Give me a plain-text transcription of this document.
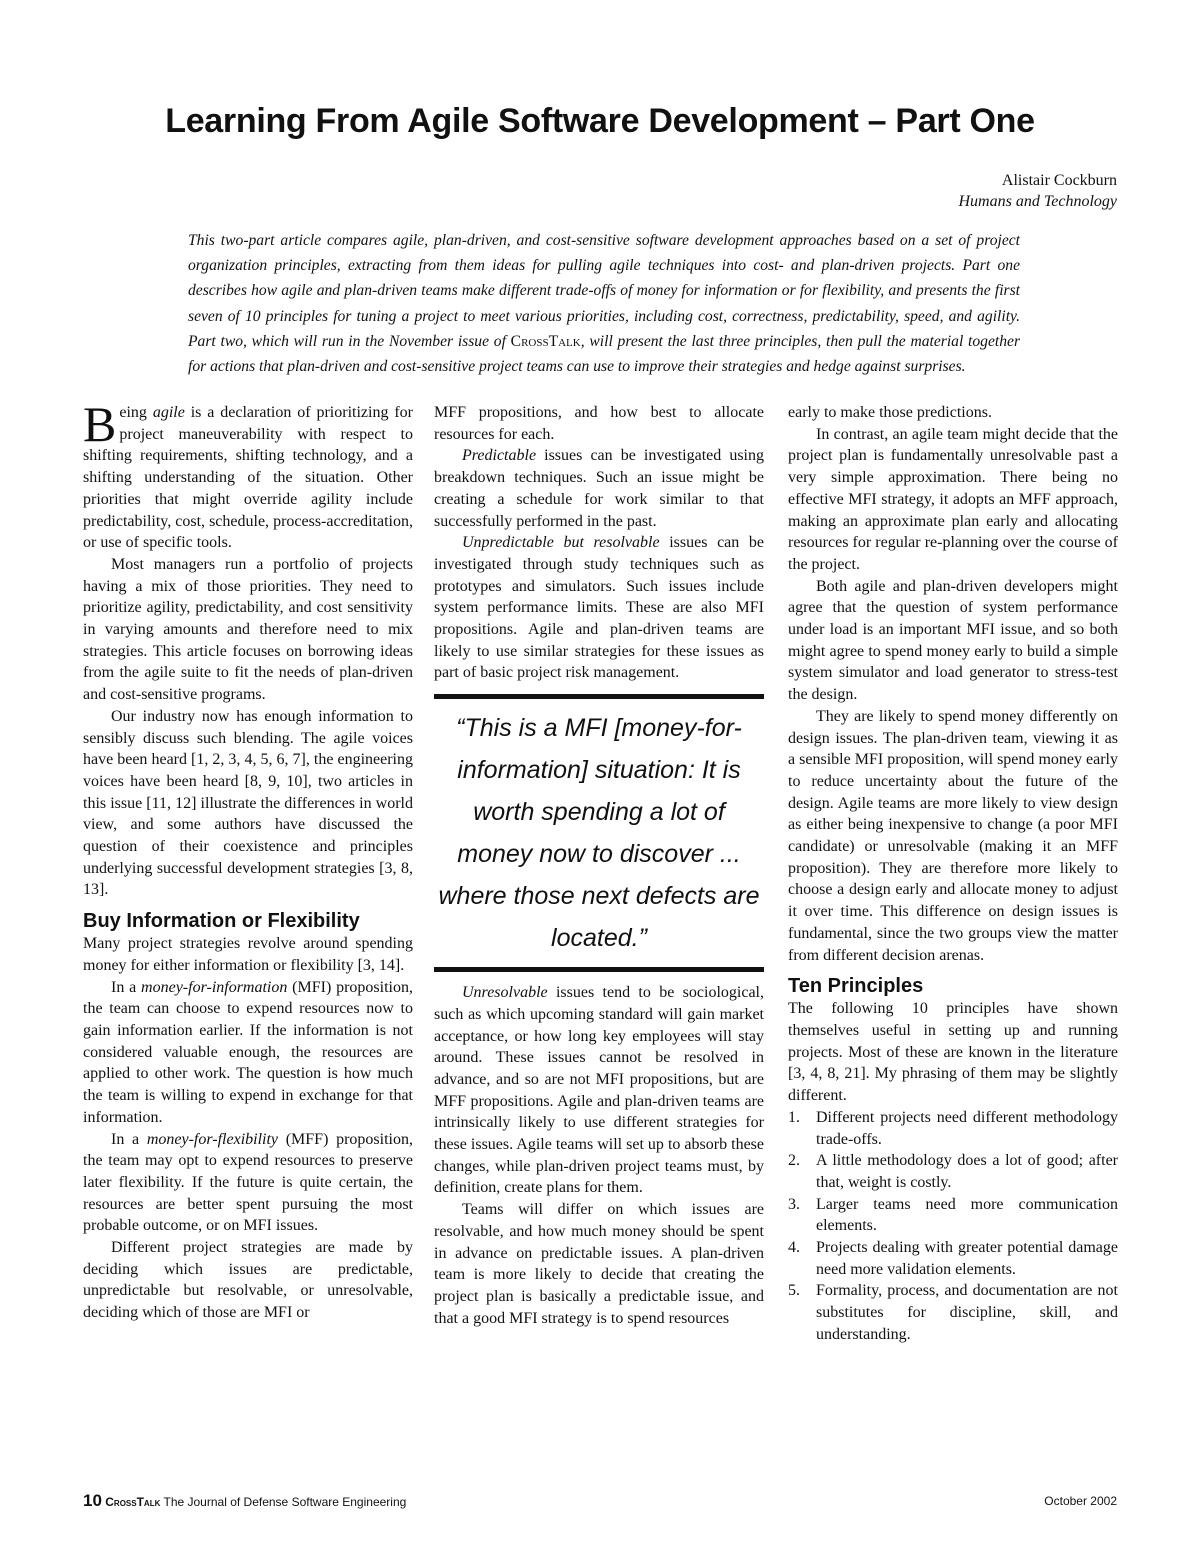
Learning From Agile Software Development – Part One
Alistair Cockburn
Humans and Technology

This two-part article compares agile, plan-driven, and cost-sensitive software development approaches based on a set of project organization principles, extracting from them ideas for pulling agile techniques into cost- and plan-driven projects. Part one describes how agile and plan-driven teams make different trade-offs of money for information or for flexibility, and presents the first seven of 10 principles for tuning a project to meet various priorities, including cost, correctness, predictability, speed, and agility. Part two, which will run in the November issue of CrossTalk, will present the last three principles, then pull the material together for actions that plan-driven and cost-sensitive project teams can use to improve their strategies and hedge against surprises.

Being agile is a declaration of prioritizing for project maneuverability with respect to shifting requirements, shifting technology, and a shifting understanding of the situation. Other priorities that might override agility include predictability, cost, schedule, process-accreditation, or use of specific tools.

Most managers run a portfolio of projects having a mix of those priorities. They need to prioritize agility, predictability, and cost sensitivity in varying amounts and therefore need to mix strategies. This article focuses on borrowing ideas from the agile suite to fit the needs of plan-driven and cost-sensitive programs.

Our industry now has enough information to sensibly discuss such blending. The agile voices have been heard [1, 2, 3, 4, 5, 6, 7], the engineering voices have been heard [8, 9, 10], two articles in this issue [11, 12] illustrate the differences in world view, and some authors have discussed the question of their coexistence and principles underlying successful development strategies [3, 8, 13].

Buy Information or Flexibility

Many project strategies revolve around spending money for either information or flexibility [3, 14].

In a money-for-information (MFI) proposition, the team can choose to expend resources now to gain information earlier. If the information is not considered valuable enough, the resources are applied to other work. The question is how much the team is willing to expend in exchange for that information.

In a money-for-flexibility (MFF) proposition, the team may opt to expend resources to preserve later flexibility. If the future is quite certain, the resources are better spent pursuing the most probable outcome, or on MFI issues.

Different project strategies are made by deciding which issues are predictable, unpredictable but resolvable, or unresolvable, deciding which of those are MFI or

MFF propositions, and how best to allocate resources for each.

Predictable issues can be investigated using breakdown techniques. Such an issue might be creating a schedule for work similar to that successfully performed in the past.

Unpredictable but resolvable issues can be investigated through study techniques such as prototypes and simulators. Such issues include system performance limits. These are also MFI propositions. Agile and plan-driven teams are likely to use similar strategies for these issues as part of basic project risk management.

“This is a MFI [money-for-information] situation: It is worth spending a lot of money now to discover ... where those next defects are located.”

Unresolvable issues tend to be sociological, such as which upcoming standard will gain market acceptance, or how long key employees will stay around. These issues cannot be resolved in advance, and so are not MFI propositions, but are MFF propositions. Agile and plan-driven teams are intrinsically likely to use different strategies for these issues. Agile teams will set up to absorb these changes, while plan-driven project teams must, by definition, create plans for them.

Teams will differ on which issues are resolvable, and how much money should be spent in advance on predictable issues. A plan-driven team is more likely to decide that creating the project plan is basically a predictable issue, and that a good MFI strategy is to spend resources

early to make those predictions.

In contrast, an agile team might decide that the project plan is fundamentally unresolvable past a very simple approximation. There being no effective MFI strategy, it adopts an MFF approach, making an approximate plan early and allocating resources for regular re-planning over the course of the project.

Both agile and plan-driven developers might agree that the question of system performance under load is an important MFI issue, and so both might agree to spend money early to build a simple system simulator and load generator to stress-test the design.

They are likely to spend money differently on design issues. The plan-driven team, viewing it as a sensible MFI proposition, will spend money early to reduce uncertainty about the future of the design. Agile teams are more likely to view design as either being inexpensive to change (a poor MFI candidate) or unresolvable (making it an MFF proposition). They are therefore more likely to choose a design early and allocate money to adjust it over time. This difference on design issues is fundamental, since the two groups view the matter from different decision arenas.

Ten Principles

The following 10 principles have shown themselves useful in setting up and running projects. Most of these are known in the literature [3, 4, 8, 21]. My phrasing of them may be slightly different.

1. Different projects need different methodology trade-offs.
2. A little methodology does a lot of good; after that, weight is costly.
3. Larger teams need more communication elements.
4. Projects dealing with greater potential damage need more validation elements.
5. Formality, process, and documentation are not substitutes for discipline, skill, and understanding.
10 CrossTalk The Journal of Defense Software Engineering	October 2002
